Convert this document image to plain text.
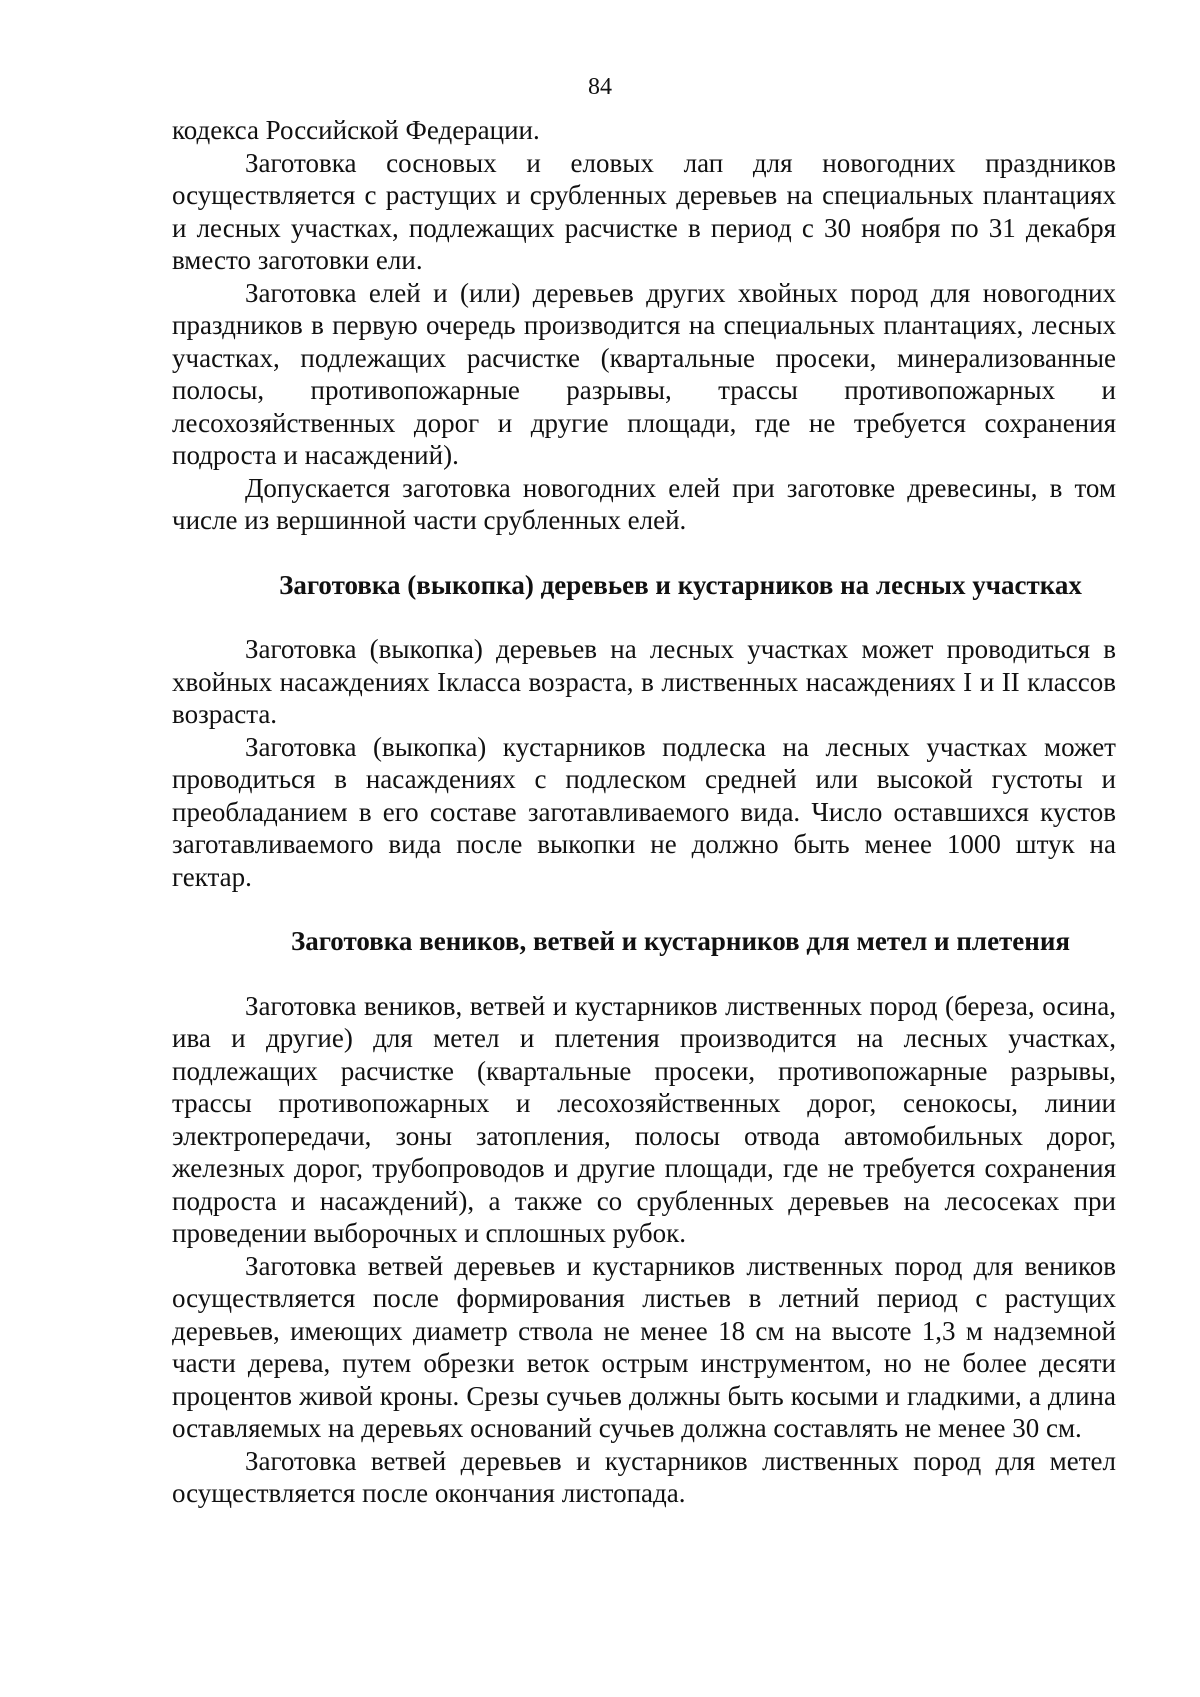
84

кодекса Российской Федерации.

Заготовка сосновых и еловых лап для новогодних праздников осуществляется с растущих и срубленных деревьев на специальных плантациях и лесных участках, подлежащих расчистке в период с 30 ноября по 31 декабря вместо заготовки ели.

Заготовка елей и (или) деревьев других хвойных пород для новогодних праздников в первую очередь производится на специальных плантациях, лесных участках, подлежащих расчистке (квартальные просеки, минерализованные полосы, противопожарные разрывы, трассы противопожарных и лесохозяйственных дорог и другие площади, где не требуется сохранения подроста и насаждений).

Допускается заготовка новогодних елей при заготовке древесины, в том числе из вершинной части срубленных елей.

Заготовка (выкопка) деревьев и кустарников на лесных участках

Заготовка (выкопка) деревьев на лесных участках может проводиться в хвойных насаждениях Iкласса возраста, в лиственных насаждениях I и II классов возраста.

Заготовка (выкопка) кустарников подлеска на лесных участках может проводиться в насаждениях с подлеском средней или высокой густоты и преобладанием в его составе заготавливаемого вида. Число оставшихся кустов заготавливаемого вида после выкопки не должно быть менее 1000 штук на гектар.

Заготовка веников, ветвей и кустарников для метел и плетения

Заготовка веников, ветвей и кустарников лиственных пород (береза, осина, ива и другие) для метел и плетения производится на лесных участках, подлежащих расчистке (квартальные просеки, противопожарные разрывы, трассы противопожарных и лесохозяйственных дорог, сенокосы, линии электропередачи, зоны затопления, полосы отвода автомобильных дорог, железных дорог, трубопроводов и другие площади, где не требуется сохранения подроста и насаждений), а также со срубленных деревьев на лесосеках при проведении выборочных и сплошных рубок.

Заготовка ветвей деревьев и кустарников лиственных пород для веников осуществляется после формирования листьев в летний период с растущих деревьев, имеющих диаметр ствола не менее 18 см на высоте 1,3 м надземной части дерева, путем обрезки веток острым инструментом, но не более десяти процентов живой кроны. Срезы сучьев должны быть косыми и гладкими, а длина оставляемых на деревьях оснований сучьев должна составлять не менее 30 см.

Заготовка ветвей деревьев и кустарников лиственных пород для метел осуществляется после окончания листопада.
